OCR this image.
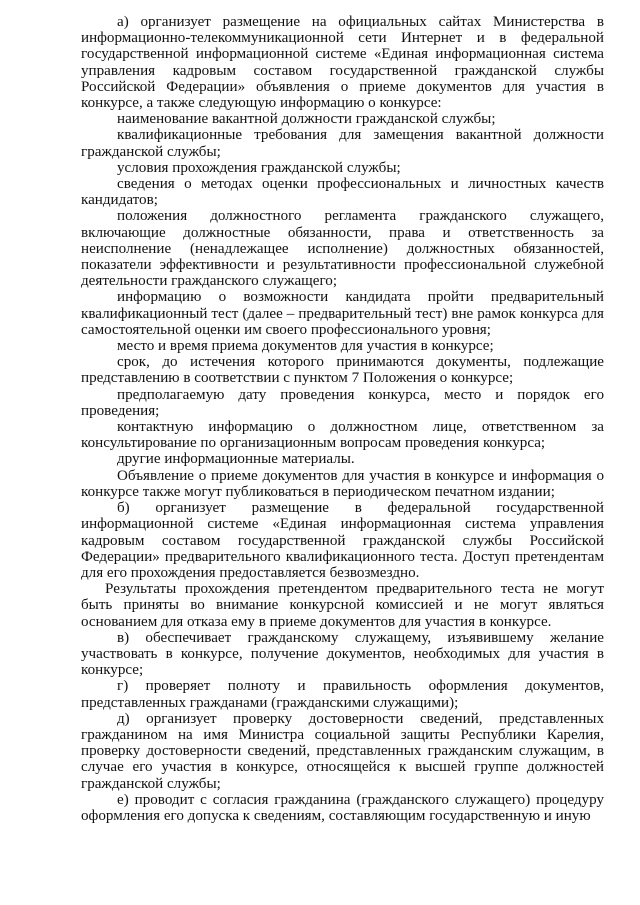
а) организует размещение на официальных сайтах Министерства в информационно-телекоммуникационной сети Интернет и в федеральной государственной информационной системе «Единая информационная система управления кадровым составом государственной гражданской службы Российской Федерации» объявления о приеме документов для участия в конкурсе, а также следующую информацию о конкурсе:

наименование вакантной должности гражданской службы;

квалификационные требования для замещения вакантной должности гражданской службы;

условия прохождения гражданской службы;

сведения о методах оценки профессиональных и личностных качеств кандидатов;

положения должностного регламента гражданского служащего, включающие должностные обязанности, права и ответственность за неисполнение (ненадлежащее исполнение) должностных обязанностей, показатели эффективности и результативности профессиональной служебной деятельности гражданского служащего;

информацию о возможности кандидата пройти предварительный квалификационный тест (далее – предварительный тест) вне рамок конкурса для самостоятельной оценки им своего профессионального уровня;

место и время приема документов для участия в конкурсе;

срок, до истечения которого принимаются документы, подлежащие представлению в соответствии с пунктом 7 Положения о конкурсе;

предполагаемую дату проведения конкурса, место и порядок его проведения;

контактную информацию о должностном лице, ответственном за консультирование по организационным вопросам проведения конкурса;

другие информационные материалы.

Объявление о приеме документов для участия в конкурсе и информация о конкурсе также могут публиковаться в периодическом печатном издании;

б) организует размещение в федеральной государственной информационной системе «Единая информационная система управления кадровым составом государственной гражданской службы Российской Федерации» предварительного квалификационного теста. Доступ претендентам для его прохождения предоставляется безвозмездно.

Результаты прохождения претендентом предварительного теста не могут быть приняты во внимание конкурсной комиссией и не могут являться основанием для отказа ему в приеме документов для участия в конкурсе.

в) обеспечивает гражданскому служащему, изъявившему желание участвовать в конкурсе, получение документов, необходимых для участия в конкурсе;

г) проверяет полноту и правильность оформления документов, представленных гражданами (гражданскими служащими);

д) организует проверку достоверности сведений, представленных гражданином на имя Министра социальной защиты Республики Карелия, проверку достоверности сведений, представленных гражданским служащим, в случае его участия в конкурсе, относящейся к высшей группе должностей гражданской службы;

е) проводит с согласия гражданина (гражданского служащего) процедуру оформления его допуска к сведениям, составляющим государственную и иную
